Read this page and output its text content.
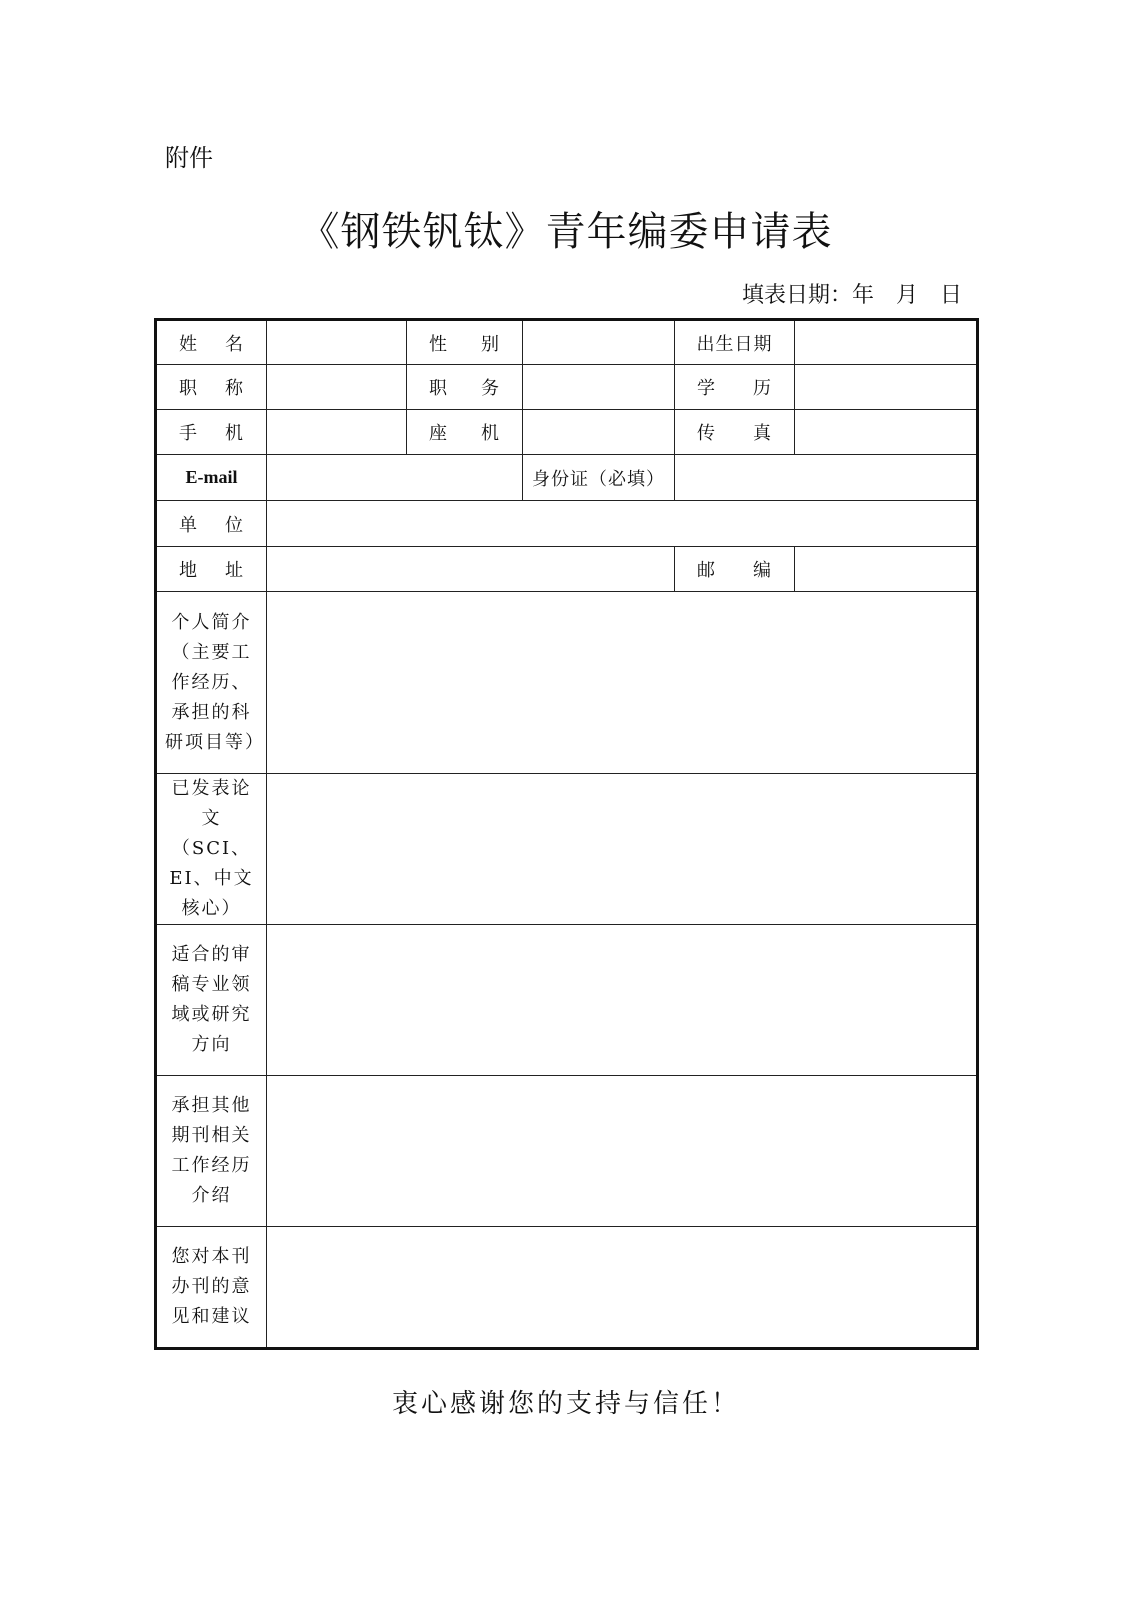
附件
《钢铁钒钛》青年编委申请表
填表日期：年 月 日
姓　名		性　别		出生日期	
职　称		职　务		学　历	
手　机		座　机		传　真	
E-mail			身份证（必填）		
单　位					
地　址				邮　编	
个人简介（主要工作经历、承担的科研项目等）					
已发表论文（SCI、EI、中文核心）					
适合的审稿专业领域或研究方向					
承担其他期刊相关工作经历介绍					
您对本刊办刊的意见和建议					
衷心感谢您的支持与信任！
